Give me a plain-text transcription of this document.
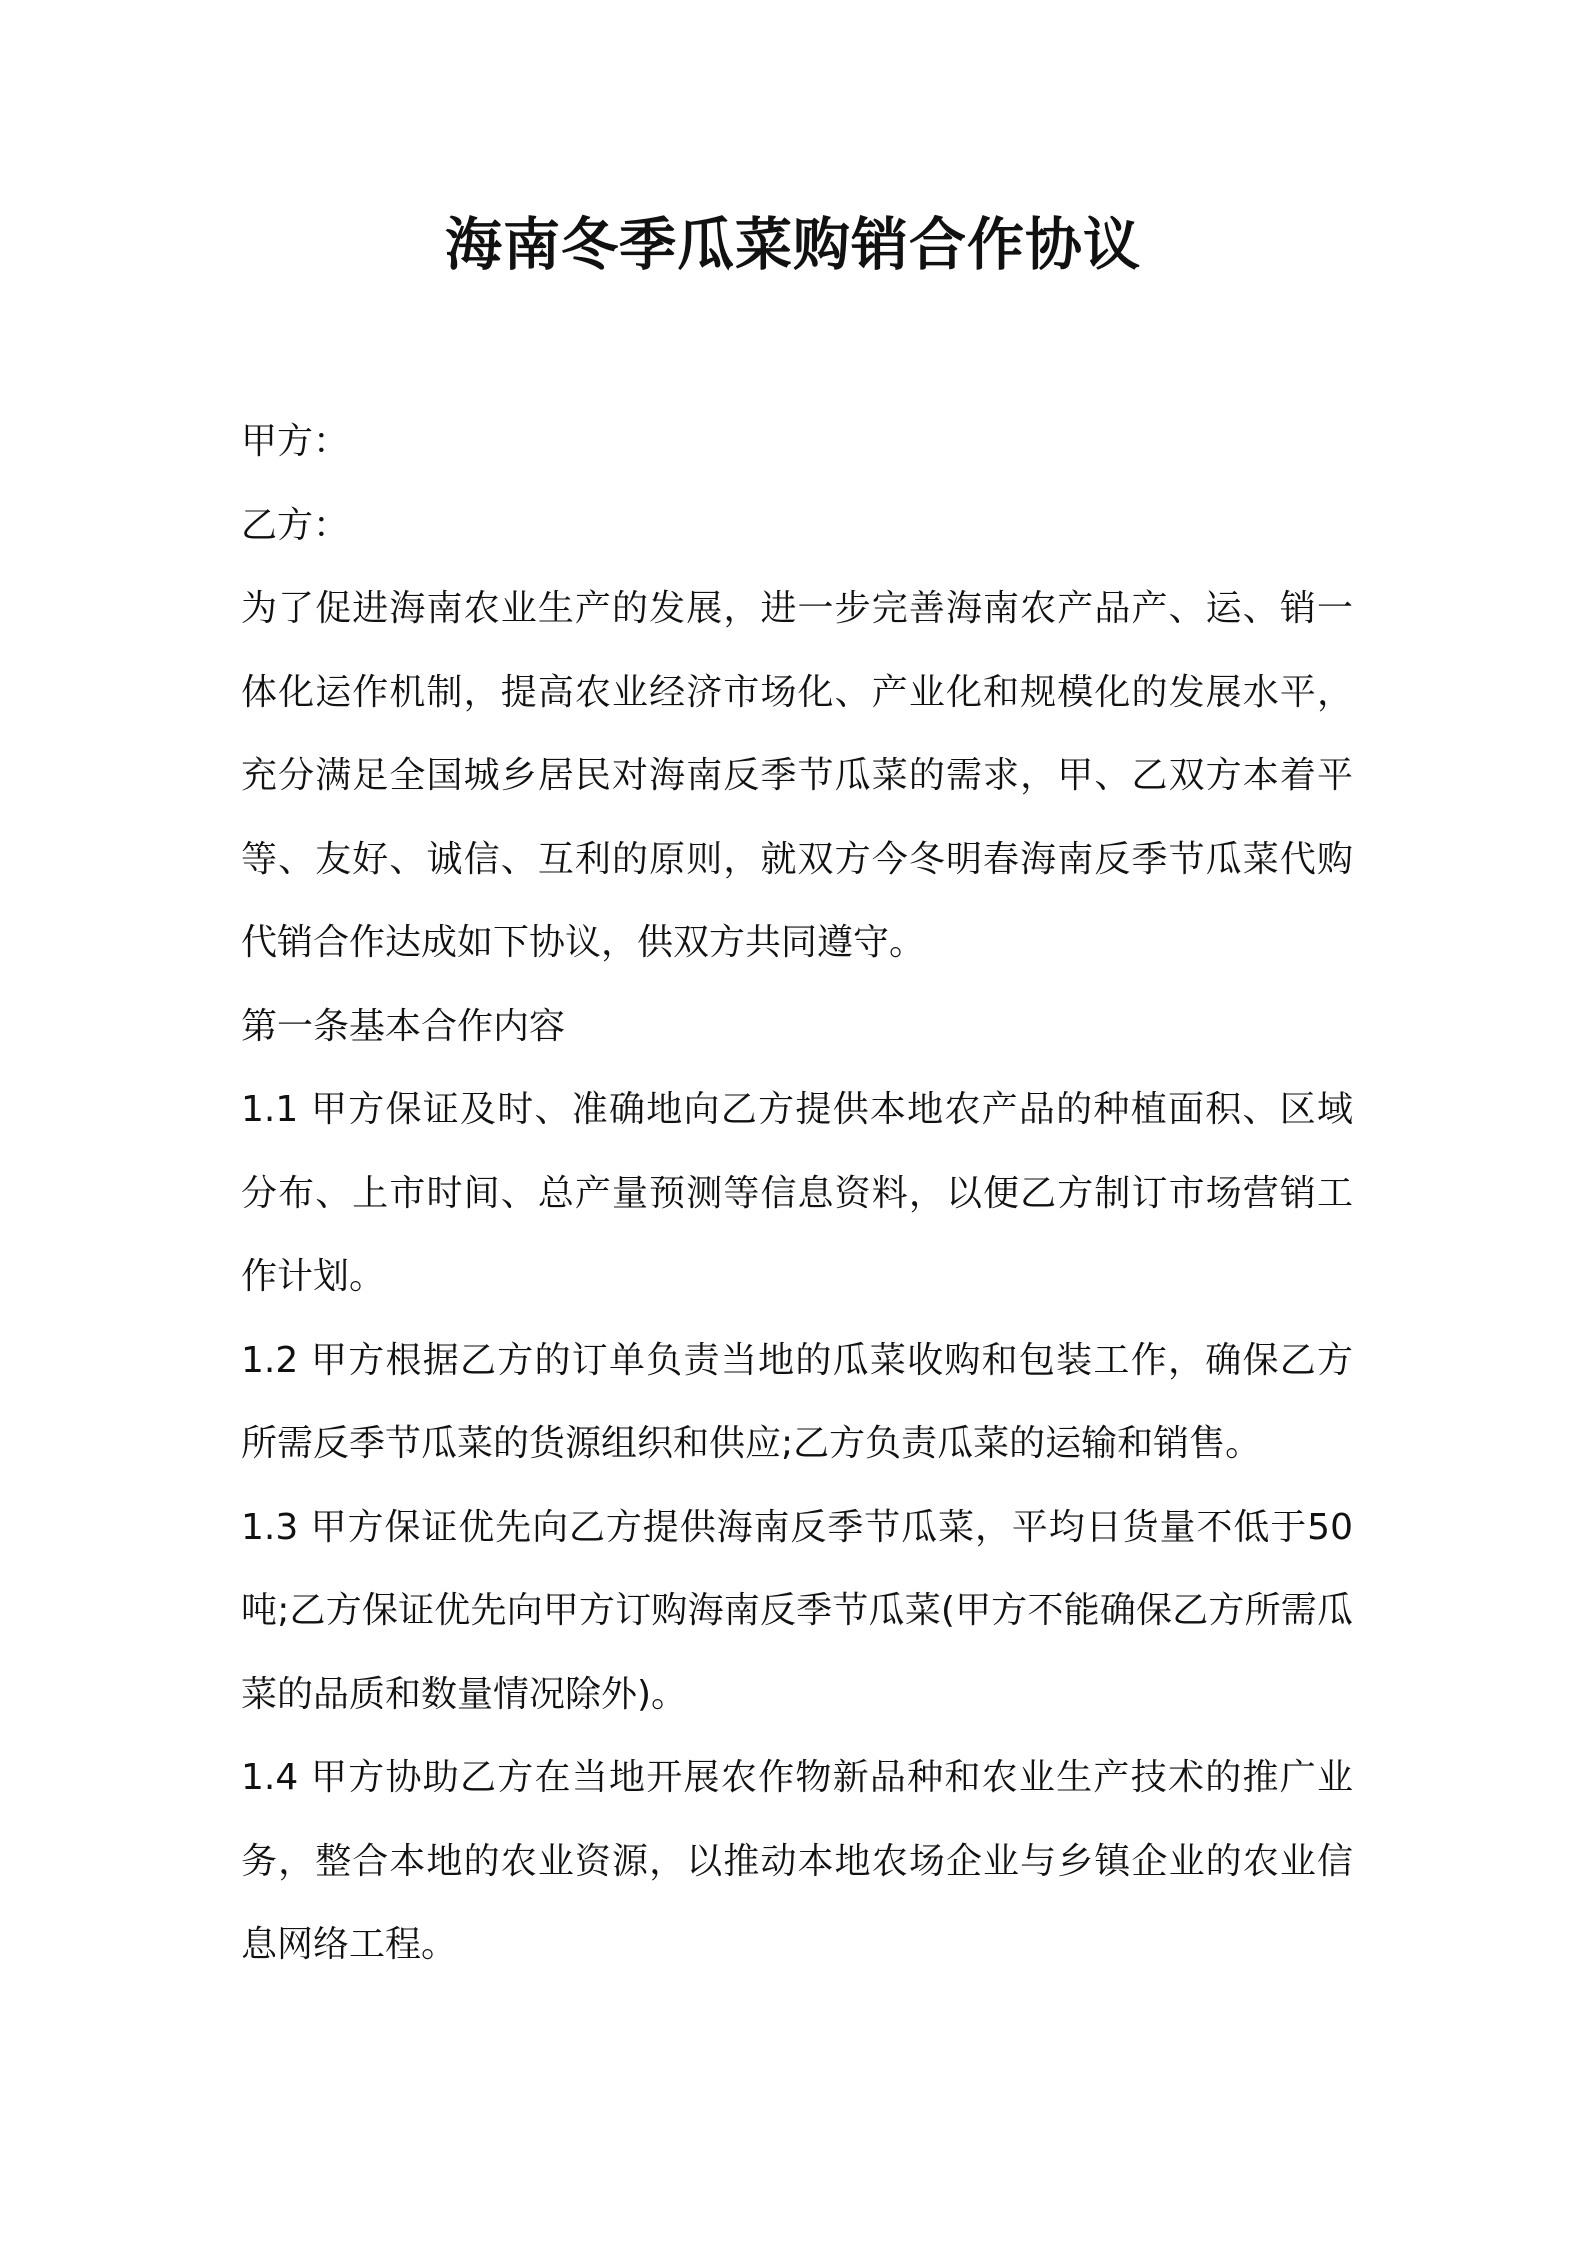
海南冬季瓜菜购销合作协议

甲方：

乙方：

为了促进海南农业生产的发展，进一步完善海南农产品产、运、销一体化运作机制，提高农业经济市场化、产业化和规模化的发展水平，充分满足全国城乡居民对海南反季节瓜菜的需求，甲、乙双方本着平等、友好、诚信、互利的原则，就双方今冬明春海南反季节瓜菜代购代销合作达成如下协议，供双方共同遵守。

第一条基本合作内容

1.1 甲方保证及时、准确地向乙方提供本地农产品的种植面积、区域分布、上市时间、总产量预测等信息资料，以便乙方制订市场营销工作计划。

1.2 甲方根据乙方的订单负责当地的瓜菜收购和包装工作，确保乙方所需反季节瓜菜的货源组织和供应;乙方负责瓜菜的运输和销售。

1.3 甲方保证优先向乙方提供海南反季节瓜菜，平均日货量不低于50吨;乙方保证优先向甲方订购海南反季节瓜菜(甲方不能确保乙方所需瓜菜的品质和数量情况除外)。

1.4 甲方协助乙方在当地开展农作物新品种和农业生产技术的推广业务，整合本地的农业资源，以推动本地农场企业与乡镇企业的农业信息网络工程。
